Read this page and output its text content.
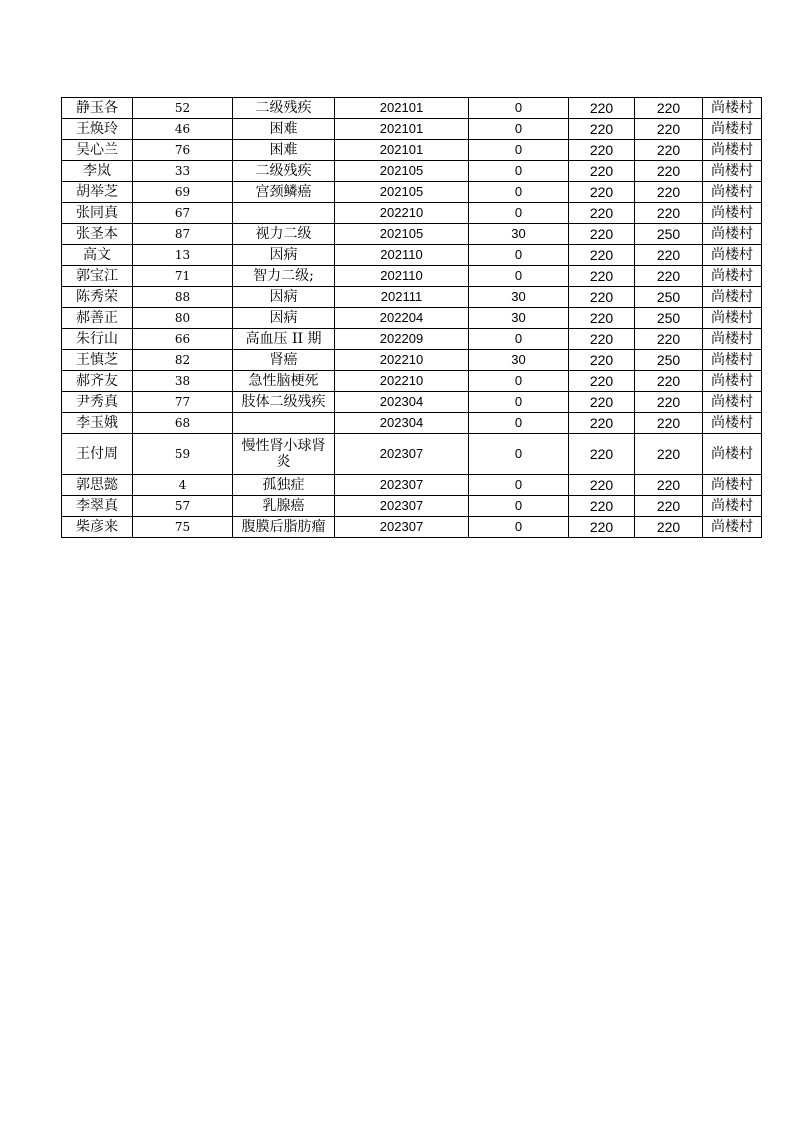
静玉各	52	二级残疾	202101	0	220	220	尚楼村
王焕玲	46	困难	202101	0	220	220	尚楼村
吴心兰	76	困难	202101	0	220	220	尚楼村
李岚	33	二级残疾	202105	0	220	220	尚楼村
胡举芝	69	宫颈鳞癌	202105	0	220	220	尚楼村
张同真	67		202210	0	220	220	尚楼村
张圣本	87	视力二级	202105	30	220	250	尚楼村
高文	13	因病	202110	0	220	220	尚楼村
郭宝江	71	智力二级;	202110	0	220	220	尚楼村
陈秀荣	88	因病	202111	30	220	250	尚楼村
郝善正	80	因病	202204	30	220	250	尚楼村
朱行山	66	高血压 II 期	202209	0	220	220	尚楼村
王慎芝	82	肾癌	202210	30	220	250	尚楼村
郝齐友	38	急性脑梗死	202210	0	220	220	尚楼村
尹秀真	77	肢体二级残疾	202304	0	220	220	尚楼村
李玉娥	68		202304	0	220	220	尚楼村
王付周	59	慢性肾小球肾炎	202307	0	220	220	尚楼村
郭思懿	4	孤独症	202307	0	220	220	尚楼村
李翠真	57	乳腺癌	202307	0	220	220	尚楼村
柴彦来	75	腹膜后脂肪瘤	202307	0	220	220	尚楼村
